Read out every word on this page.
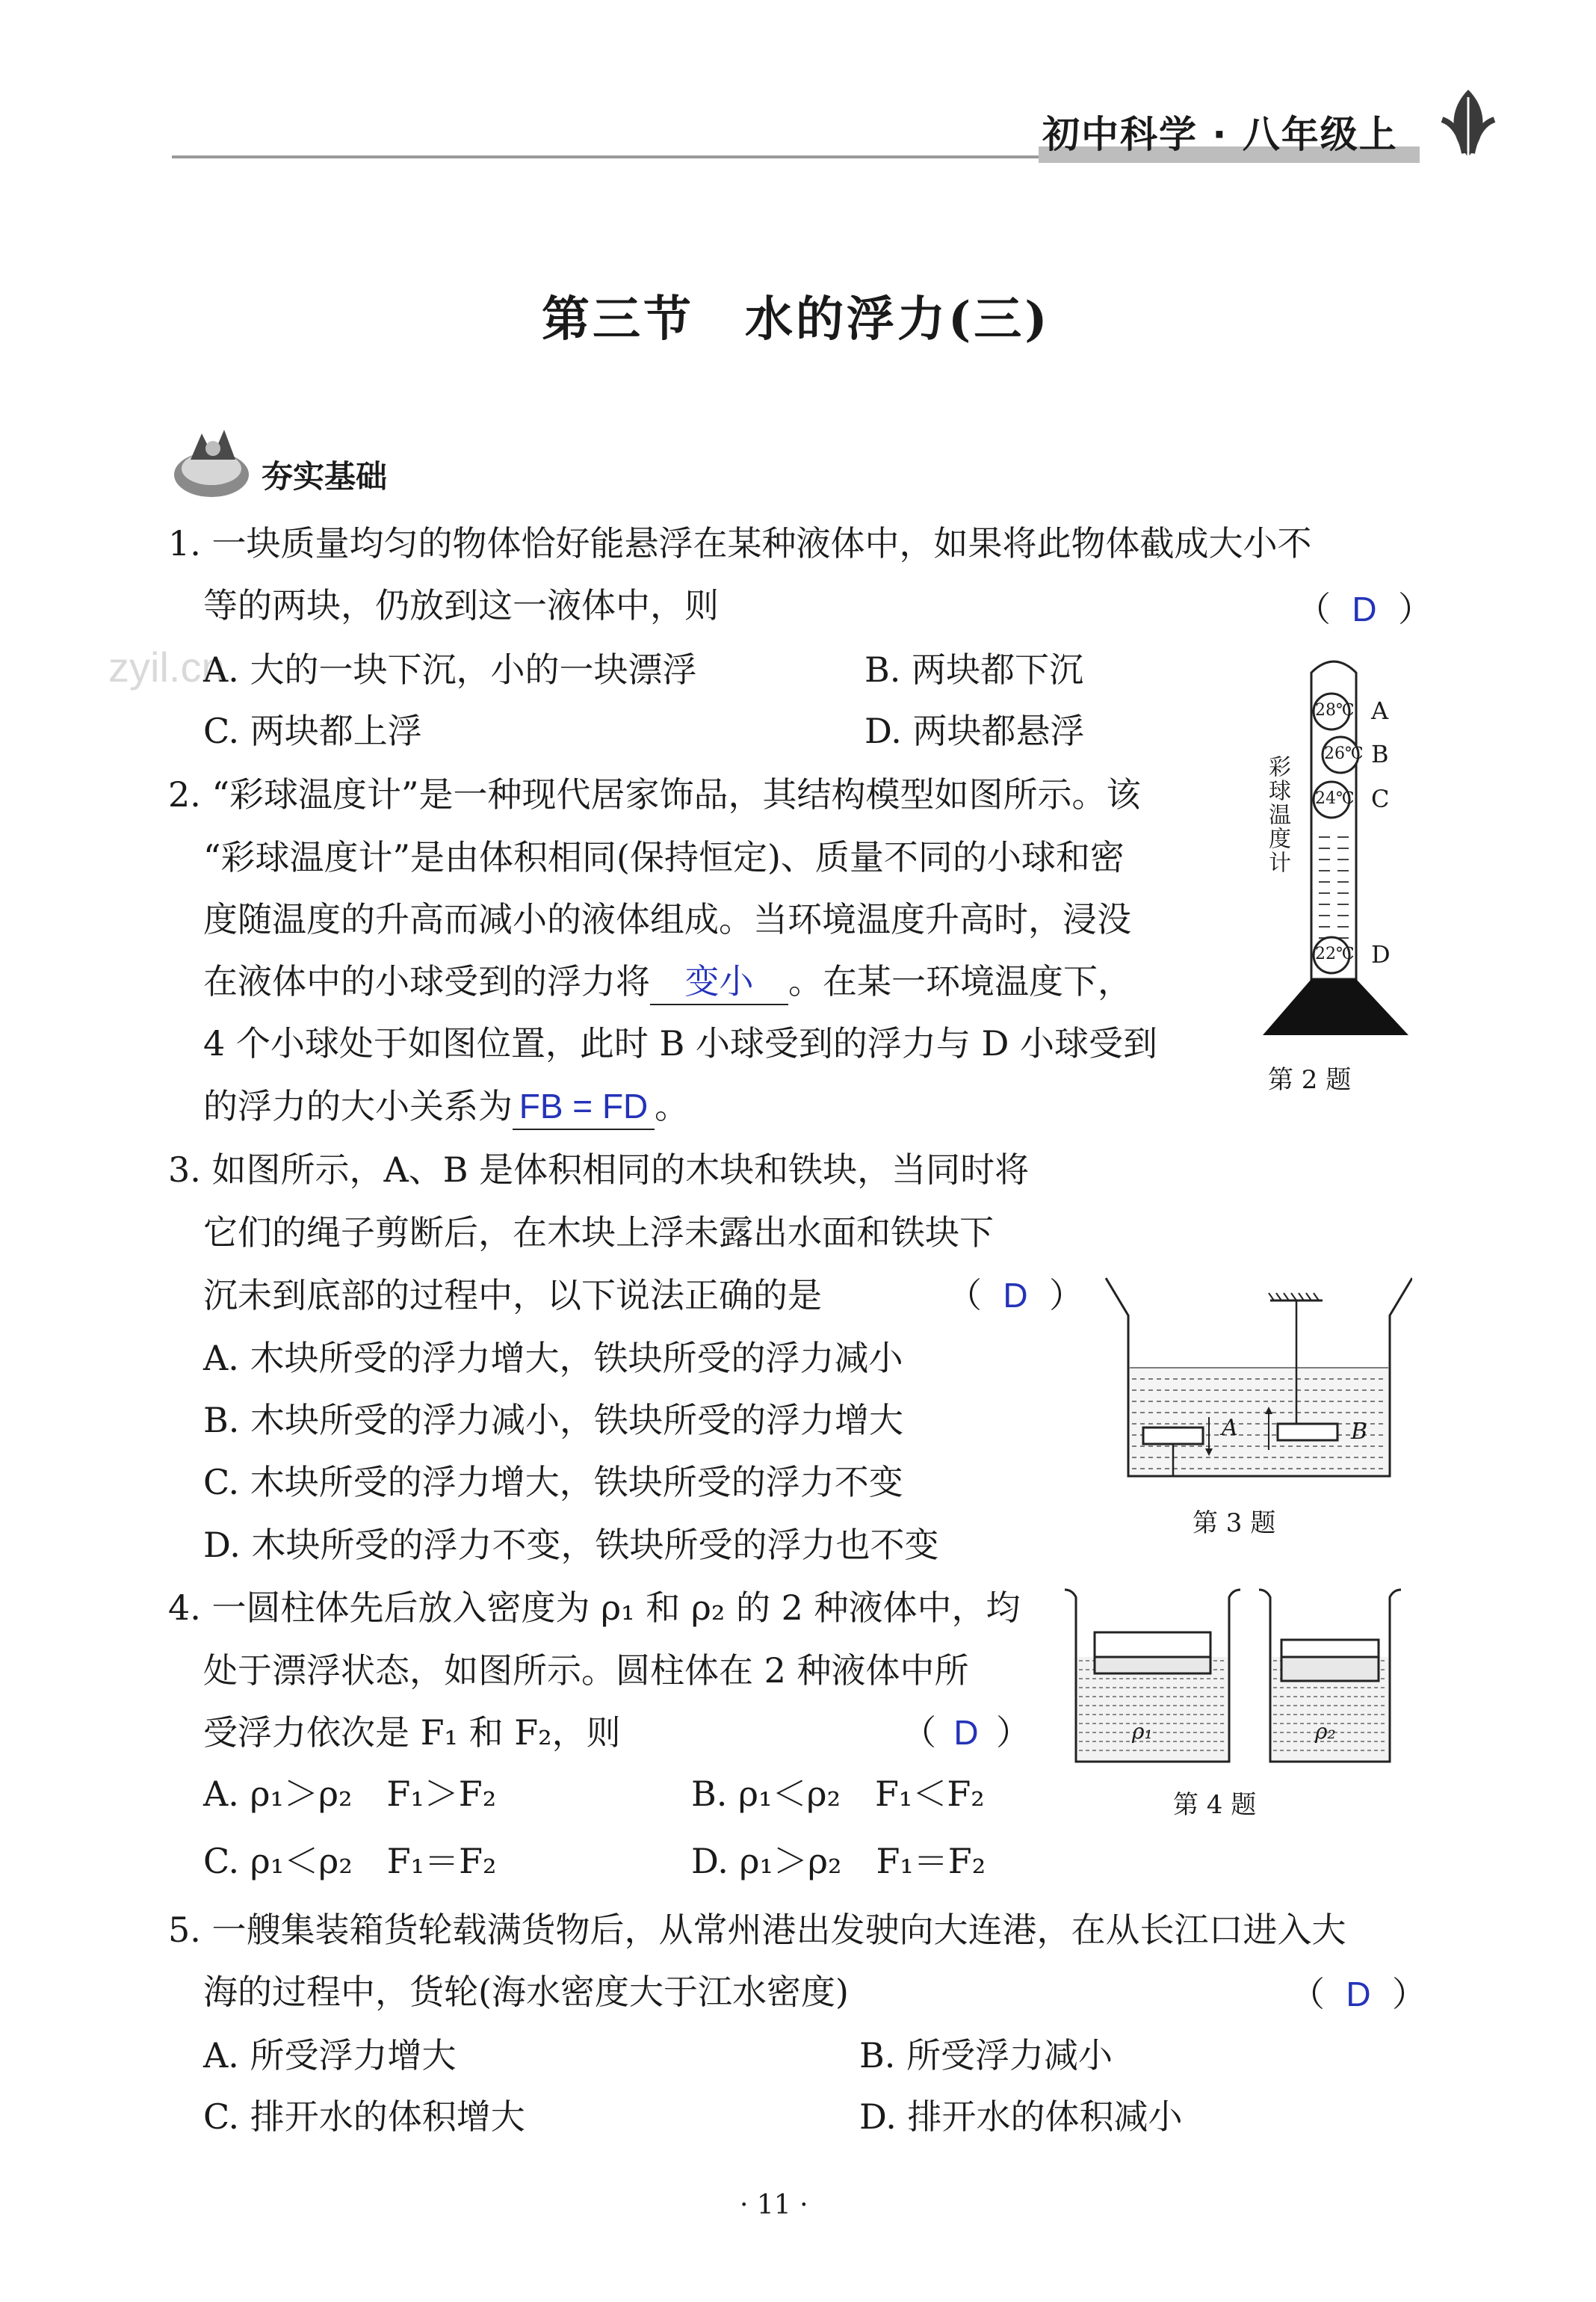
初中科学 · 八年级上
第三节　水的浮力(三)
夯实基础
zyil.cn
1. 一块质量均匀的物体恰好能悬浮在某种液体中，如果将此物体截成大小不
等的两块，仍放到这一液体中，则	（ D ）
A. 大的一块下沉，小的一块漂浮	B. 两块都下沉
C. 两块都上浮	D. 两块都悬浮
2. “彩球温度计”是一种现代居家饰品，其结构模型如图所示。该
“彩球温度计”是由体积相同(保持恒定)、质量不同的小球和密
度随温度的升高而减小的液体组成。当环境温度升高时，浸没
在液体中的小球受到的浮力将 变小 。在某一环境温度下，
4 个小球处于如图位置，此时 B 小球受到的浮力与 D 小球受到
的浮力的大小关系为 FB = FD 。
彩球温度计
28℃
26℃
24℃
22℃
A
B
C
D
第 2 题
3. 如图所示，A、B 是体积相同的木块和铁块，当同时将
它们的绳子剪断后，在木块上浮未露出水面和铁块下
沉未到底部的过程中，以下说法正确的是	（ D ）
A. 木块所受的浮力增大，铁块所受的浮力减小
B. 木块所受的浮力减小，铁块所受的浮力增大
C. 木块所受的浮力增大，铁块所受的浮力不变
D. 木块所受的浮力不变，铁块所受的浮力也不变
A	B
第 3 题
4. 一圆柱体先后放入密度为 ρ₁ 和 ρ₂ 的 2 种液体中，均
处于漂浮状态，如图所示。圆柱体在 2 种液体中所
受浮力依次是 F₁ 和 F₂，则	（ D ）
A. ρ₁＞ρ₂　F₁＞F₂	B. ρ₁＜ρ₂　F₁＜F₂
C. ρ₁＜ρ₂　F₁＝F₂	D. ρ₁＞ρ₂　F₁＝F₂
ρ₁	ρ₂
第 4 题
5. 一艘集装箱货轮载满货物后，从常州港出发驶向大连港，在从长江口进入大
海的过程中，货轮(海水密度大于江水密度)	（ D ）
A. 所受浮力增大	B. 所受浮力减小
C. 排开水的体积增大	D. 排开水的体积减小
· 11 ·
